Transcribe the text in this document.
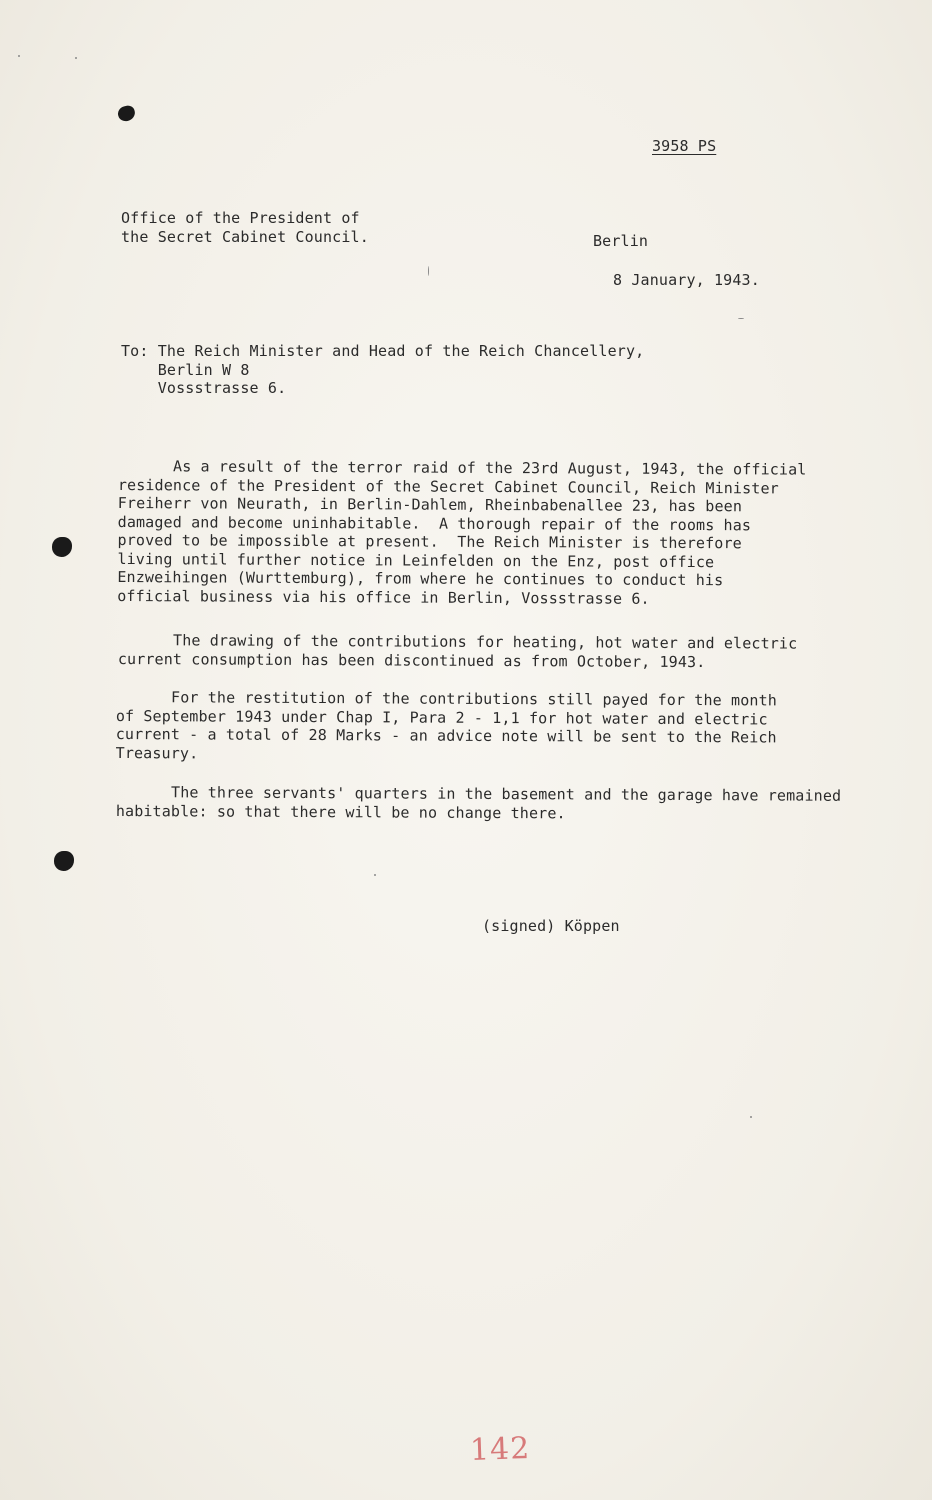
3958 PS
Office of the President of
the Secret Cabinet Council.	Berlin
8 January, 1943.
To: The Reich Minister and Head of the Reich Chancellery,
Berlin W 8
Vossstrasse 6.
As a result of the terror raid of the 23rd August, 1943, the official
residence of the President of the Secret Cabinet Council, Reich Minister
Freiherr von Neurath, in Berlin-Dahlem, Rheinbabenallee 23, has been
damaged and become uninhabitable.  A thorough repair of the rooms has
proved to be impossible at present.  The Reich Minister is therefore
living until further notice in Leinfelden on the Enz, post office
Enzweihingen (Wurttemburg), from where he continues to conduct his
official business via his office in Berlin, Vossstrasse 6.
The drawing of the contributions for heating, hot water and electric
current consumption has been discontinued as from October, 1943.
For the restitution of the contributions still payed for the month
of September 1943 under Chap I, Para 2 - 1,1 for hot water and electric
current - a total of 28 Marks - an advice note will be sent to the Reich
Treasury.
The three servants' quarters in the basement and the garage have remained
habitable: so that there will be no change there.
(signed) Köppen
142
